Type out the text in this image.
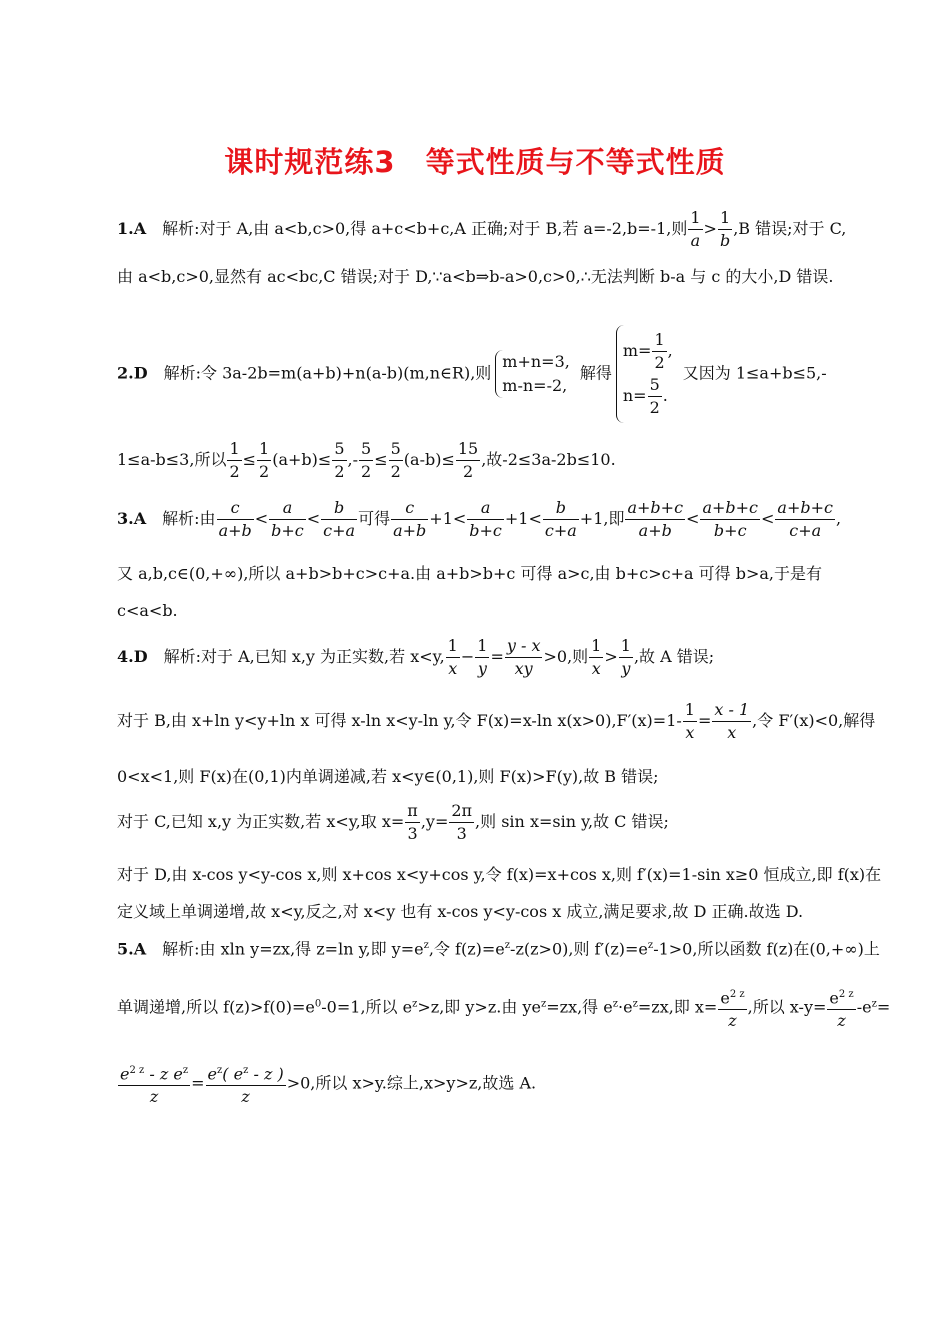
课时规范练3　等式性质与不等式性质
1.A　 解析:对于 A,由 a<b,c>0,得 a+c<b+c,A 正确;对于 B,若 a=-2,b=-1,则 $\frac{1}{a} > \frac{1}{b} ,B$ 错误;对于 C,
由 a<b,c>0,显然有 ac<bc,C 错误;对于 D,∵a<b⇒b-a>0,c>0,∴无法判断 b-a 与 c 的大小,D 错误.
2.D　 解析:令 3a-2b=m(a+b)+n(a-b)(m,n∈R),则
m+n=3,
m-n=-2,
解得
$m= \frac{1}{2}$ ,
$n= \frac{5}{2}$ .
又因为 1≤a+b≤5,-
1≤a-b≤3,所以 $\frac{1}{2} \le \frac{1}{2} (a+b)\le \frac{5}{2}$ ,- $\frac{5}{2} \le \frac{5}{2} (a-b)\le \frac{15}{2}$ ,故-2≤3a-2b≤10.
3.A　 解析:由 $\frac{c}{a+b} < \frac{a}{b+c} < \frac{b}{c+a}$ 可得 $\frac{c}{a+b} +1< \frac{a}{b+c} +1< \frac{b}{c+a} +1$,即 $\frac{a+b+c}{a+b} < \frac{a+b+c}{b+c} < \frac{a+b+c}{c+a}$ ,
又 a,b,c∈(0,+∞),所以 a+b>b+c>c+a.由 a+b>b+c 可得 a>c,由 b+c>c+a 可得 b>a,于是有
c<a<b.
4.D　 解析:对于 A,已知 x,y 为正实数,若 x<y, $\frac{1}{x} - \frac{1}{y} = \frac{y - x}{xy} >0$,则 $\frac{1}{x} > \frac{1}{y}$ ,故 A 错误;
对于 B,由 x+ln y<y+ln x 可得 x-ln x<y-ln y,令 F(x)=x-ln $x(x>0),F'(x)=1- \frac{1}{x} = \frac{x - 1}{x}$ ,令 F′(x)<0,解得
0<x<1,则 F(x)在(0,1)内单调递减,若 x<y∈(0,1),则 F(x)>F(y),故 B 错误;
对于 C,已知 x,y 为正实数,若 x<y,取 $x= \frac{\pi}{3} ,y= \frac{2\pi}{3}$ ,则 sin x=sin y,故 C 错误;
对于 D,由 x-cos y<y-cos x,则 x+cos x<y+cos y,令 f(x)=x+cos x,则 f′(x)=1-sin x≥0 恒成立,即 f(x)在
定义域上单调递增,故 x<y,反之,对 x<y 也有 x-cos y<y-cos x 成立,满足要求,故 D 正确.故选 D.
5.A　 解析:由 xln y=zx,得 z=ln y,即 $y=e^z$,令 $f(z)=e^z-z(z>0)$,则 $f'(z)=e^z-1>0$,所以函数 f(z)在(0,+∞)上
单调递增,所以 $f(z)>f(0)=e^0-0=1$,所以 $e^z>z$,即 y>z.由 $ye^z=zx$,得 $e^z\cdot e^z=zx$,即 $x= \frac{e^{2 z}}{z}$ ,所以 $x-y= \frac{e^{2 z}}{z} -e^z=$
$\frac{e^{2 z} - z e^z}{z} = \frac{e^z( e^z - z )}{z} >0$,所以 x>y.综上,x>y>z,故选 A.
